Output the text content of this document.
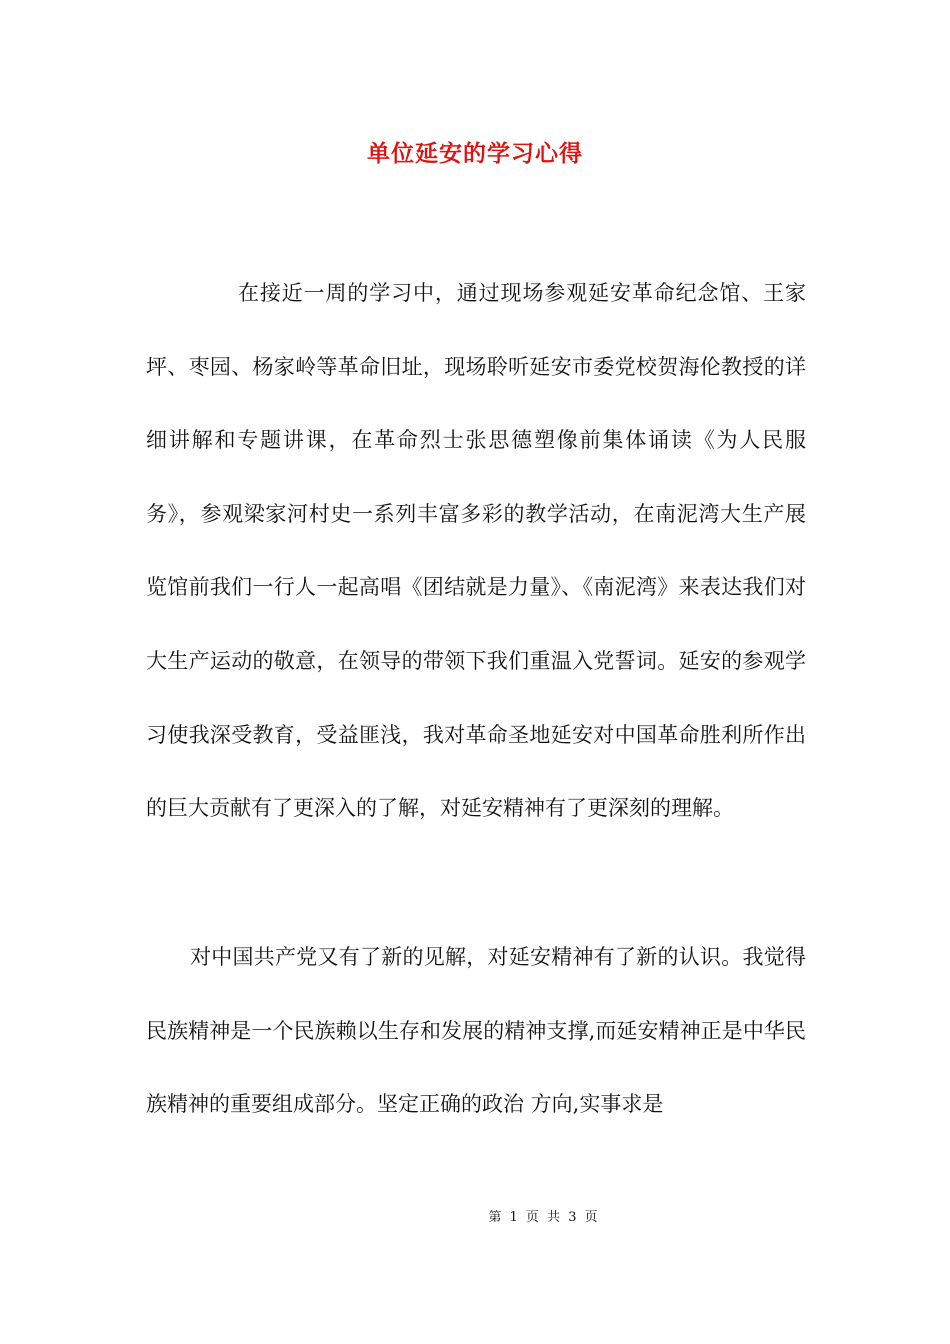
单位延安的学习心得

在接近一周的学习中，通过现场参观延安革命纪念馆、王家坪、枣园、杨家岭等革命旧址，现场聆听延安市委党校贺海伦教授的详细讲解和专题讲课，在革命烈士张思德塑像前集体诵读《为人民服务》，参观梁家河村史一系列丰富多彩的教学活动，在南泥湾大生产展览馆前我们一行人一起高唱《团结就是力量》、《南泥湾》来表达我们对大生产运动的敬意，在领导的带领下我们重温入党誓词。延安的参观学习使我深受教育，受益匪浅，我对革命圣地延安对中国革命胜利所作出的巨大贡献有了更深入的了解，对延安精神有了更深刻的理解。

对中国共产党又有了新的见解，对延安精神有了新的认识。我觉得民族精神是一个民族赖以生存和发展的精神支撑,而延安精神正是中华民族精神的重要组成部分。坚定正确的政治 方向,实事求是

第 1 页 共 3 页
